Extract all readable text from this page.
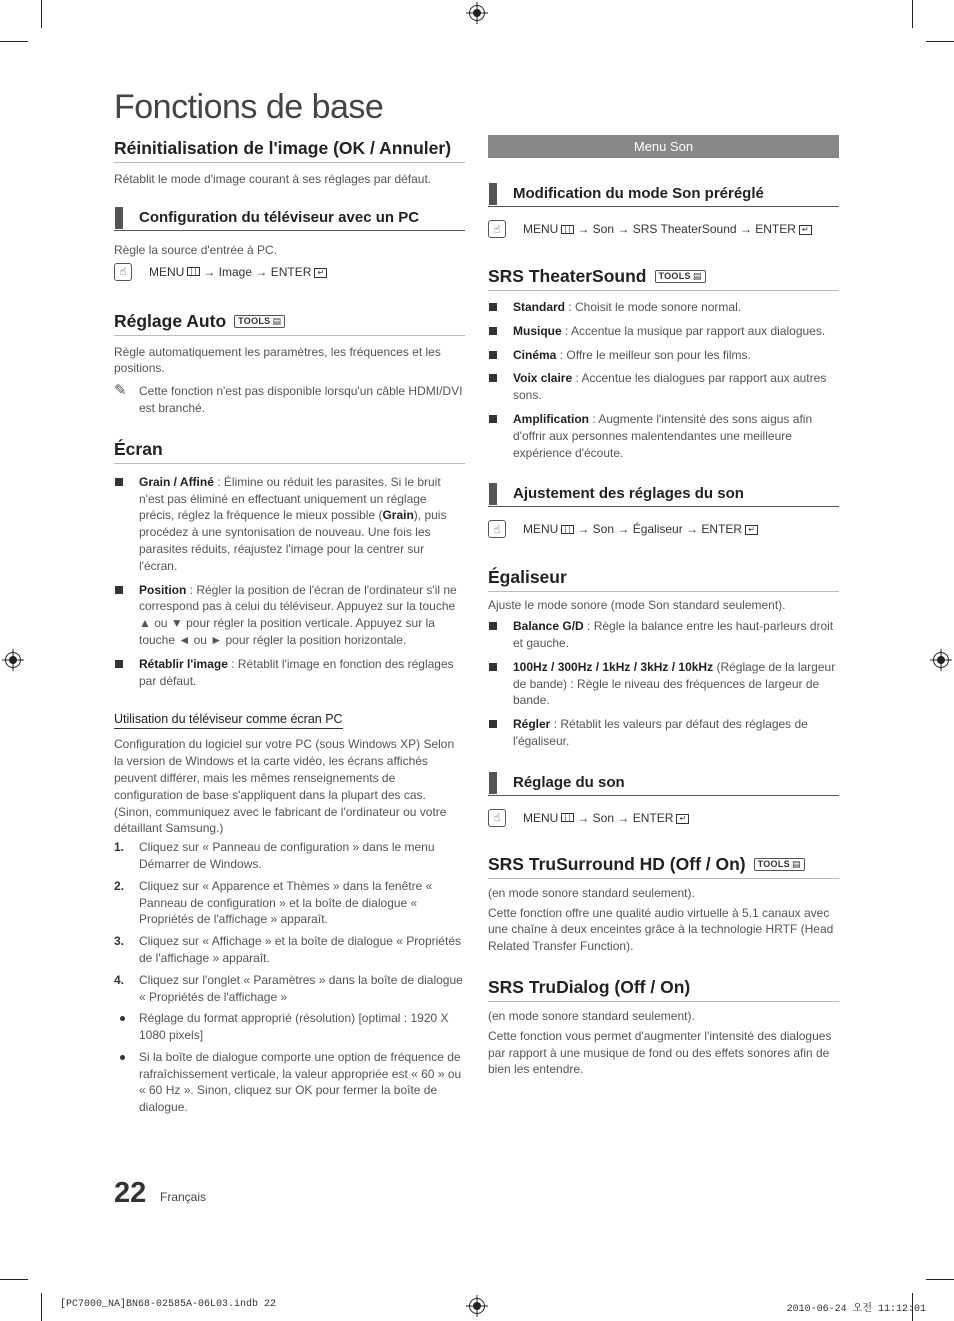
Fonctions de base
Réinitialisation de l'image (OK / Annuler)

Rétablit le mode d'image courant à ses réglages par défaut.

Configuration du téléviseur avec un PC

Règle la source d'entrée à PC.

☝	MENU → Image → ENTER ↵
Réglage Auto TOOLS ▤

Règle automatiquement les paramètres, les fréquences et les positions.

✎	Cette fonction n'est pas disponible lorsqu'un câble HDMI/DVI est branché.
Écran
Grain / Affiné : Élimine ou réduit les parasites. Si le bruit n'est pas éliminé en effectuant uniquement un réglage précis, réglez la fréquence le mieux possible (Grain), puis procédez à une syntonisation de nouveau. Une fois les parasites réduits, réajustez l'image pour la centrer sur l'écran.
Position : Régler la position de l'écran de l'ordinateur s'il ne correspond pas à celui du téléviseur. Appuyez sur la touche ▲ ou ▼ pour régler la position verticale. Appuyez sur la touche ◄ ou ► pour régler la position horizontale.
Rétablir l'image : Rétablit l'image en fonction des réglages par défaut.
Utilisation du téléviseur comme écran PC

Configuration du logiciel sur votre PC (sous Windows XP) Selon la version de Windows et la carte vidéo, les écrans affichés peuvent différer, mais les mêmes renseignements de configuration de base s'appliquent dans la plupart des cas. (Sinon, communiquez avec le fabricant de l'ordinateur ou votre détaillant Samsung.)

1.	Cliquez sur « Panneau de configuration » dans le menu Démarrer de Windows.
2.	Cliquez sur « Apparence et Thèmes » dans la fenêtre « Panneau de configuration » et la boîte de dialogue « Propriétés de l'affichage » apparaît.
3.	Cliquez sur « Affichage » et la boîte de dialogue « Propriétés de l'affichage » apparaît.
4.	Cliquez sur l'onglet « Paramètres » dans la boîte de dialogue « Propriétés de l'affichage »
Réglage du format approprié (résolution) [optimal : 1920 X 1080 pixels]
Si la boîte de dialogue comporte une option de fréquence de rafraîchissement verticale, la valeur appropriée est « 60 » ou « 60 Hz ». Sinon, cliquez sur OK pour fermer la boîte de dialogue.
Menu Son
Modification du mode Son préréglé
☝	MENU → Son → SRS TheaterSound → ENTER ↵
SRS TheaterSound TOOLS ▤
Standard : Choisit le mode sonore normal.
Musique : Accentue la musique par rapport aux dialogues.
Cinéma : Offre le meilleur son pour les films.
Voix claire : Accentue les dialogues par rapport aux autres sons.
Amplification : Augmente l'intensité des sons aigus afin d'offrir aux personnes malentendantes une meilleure expérience d'écoute.
Ajustement des réglages du son
☝	MENU → Son → Égaliseur → ENTER ↵
Égaliseur

Ajuste le mode sonore (mode Son standard seulement).

Balance G/D : Règle la balance entre les haut-parleurs droit et gauche.
100Hz / 300Hz / 1kHz / 3kHz / 10kHz (Réglage de la largeur de bande) : Règle le niveau des fréquences de largeur de bande.
Régler : Rétablit les valeurs par défaut des réglages de l'égaliseur.
Réglage du son
☝	MENU → Son → ENTER ↵
SRS TruSurround HD (Off / On) TOOLS ▤

(en mode sonore standard seulement).

Cette fonction offre une qualité audio virtuelle à 5.1 canaux avec une chaîne à deux enceintes grâce à la technologie HRTF (Head Related Transfer Function).

SRS TruDialog (Off / On)

(en mode sonore standard seulement).

Cette fonction vous permet d'augmenter l'intensité des dialogues par rapport à une musique de fond ou des effets sonores afin de bien les entendre.

22 Français
[PC7000_NA]BN68-02585A-06L03.indb 22	2010-06-24 오전 11:12:01
